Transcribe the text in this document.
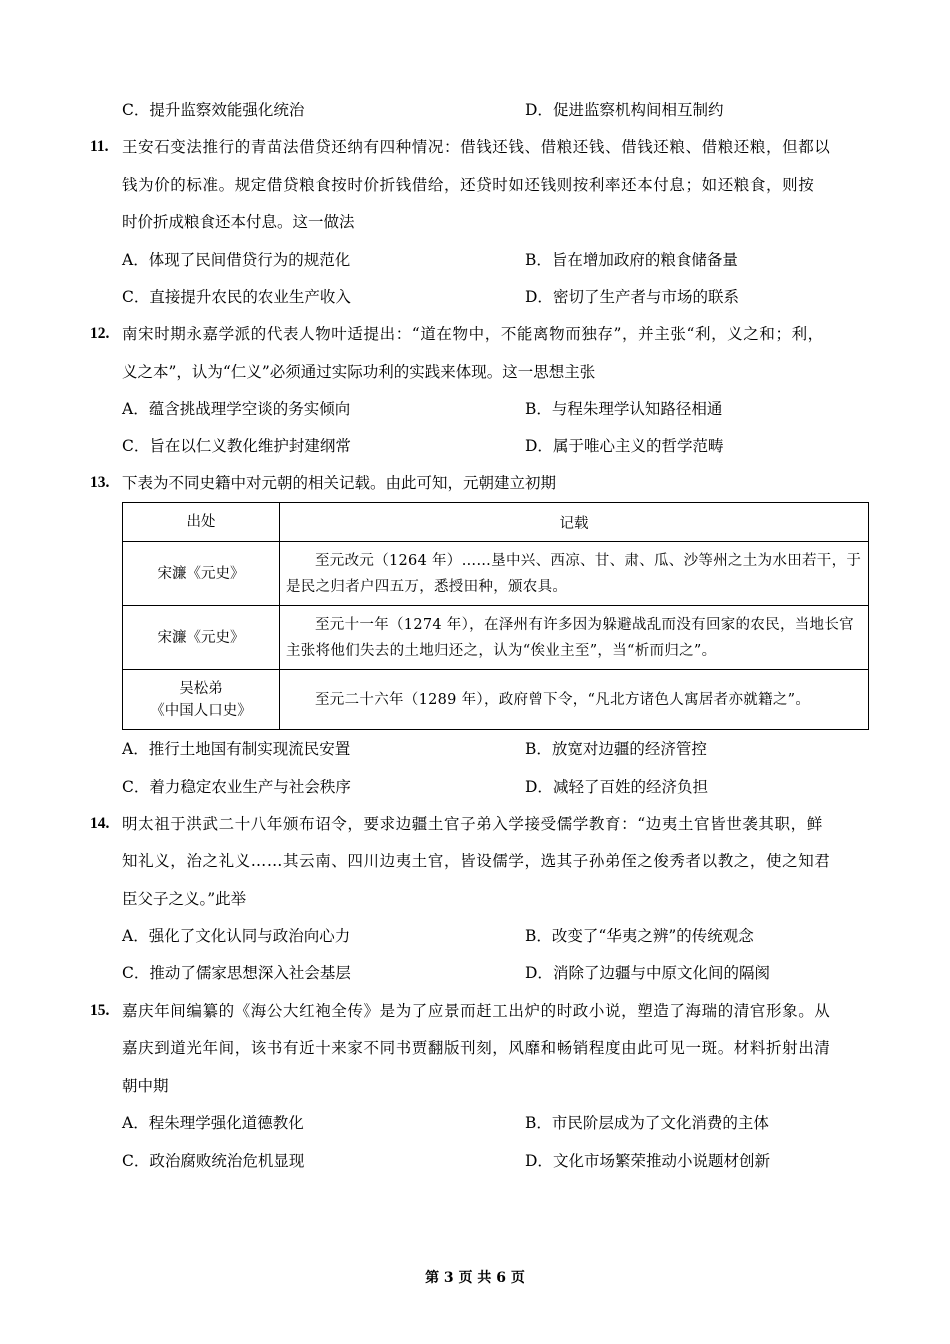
C．提升监察效能强化统治	D．促进监察机构间相互制约
11. 王安石变法推行的青苗法借贷还纳有四种情况：借钱还钱、借粮还钱、借钱还粮、借粮还粮，但都以
钱为价的标准。规定借贷粮食按时价折钱借给，还贷时如还钱则按利率还本付息；如还粮食，则按
时价折成粮食还本付息。这一做法
A．体现了民间借贷行为的规范化	B．旨在增加政府的粮食储备量
C．直接提升农民的农业生产收入	D．密切了生产者与市场的联系
12. 南宋时期永嘉学派的代表人物叶适提出：“道在物中，不能离物而独存”，并主张“利，义之和；利，
义之本”，认为“仁义”必须通过实际功利的实践来体现。这一思想主张
A．蕴含挑战理学空谈的务实倾向	B．与程朱理学认知路径相通
C．旨在以仁义教化维护封建纲常	D．属于唯心主义的哲学范畴
13. 下表为不同史籍中对元朝的相关记载。由此可知，元朝建立初期
出处	记载
宋濂《元史》	至元改元（1264 年）……垦中兴、西凉、甘、肃、瓜、沙等州之土为水田若干，于是民之归者户四五万，悉授田种，颁农具。
宋濂《元史》	至元十一年（1274 年），在泽州有许多因为躲避战乱而没有回家的农民，当地长官主张将他们失去的土地归还之，认为“俟业主至”，当“析而归之”。
吴松弟
《中国人口史》	至元二十六年（1289 年），政府曾下令，“凡北方诸色人寓居者亦就籍之”。
A．推行土地国有制实现流民安置	B．放宽对边疆的经济管控
C．着力稳定农业生产与社会秩序	D．减轻了百姓的经济负担
14. 明太祖于洪武二十八年颁布诏令，要求边疆土官子弟入学接受儒学教育：“边夷土官皆世袭其职，鲜
知礼义，治之礼义……其云南、四川边夷土官，皆设儒学，选其子孙弟侄之俊秀者以教之，使之知君
臣父子之义。”此举
A．强化了文化认同与政治向心力	B．改变了“华夷之辨”的传统观念
C．推动了儒家思想深入社会基层	D．消除了边疆与中原文化间的隔阂
15. 嘉庆年间编纂的《海公大红袍全传》是为了应景而赶工出炉的时政小说，塑造了海瑞的清官形象。从
嘉庆到道光年间，该书有近十来家不同书贾翻版刊刻，风靡和畅销程度由此可见一斑。材料折射出清
朝中期
A．程朱理学强化道德教化	B．市民阶层成为了文化消费的主体
C．政治腐败统治危机显现	D．文化市场繁荣推动小说题材创新
第 3 页 共 6 页
